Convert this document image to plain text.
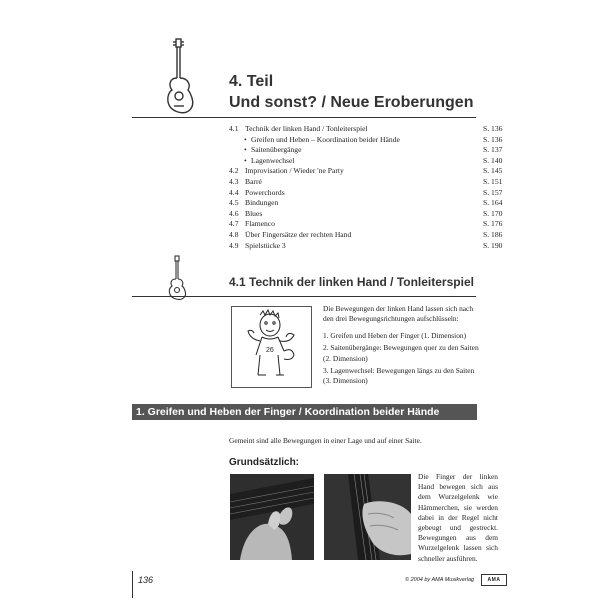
4. Teil
Und sonst? / Neue Eroberungen
4.1 Technik der linken Hand / Tonleiterspiel	S. 136
• Greifen und Heben – Koordination beider Hände	S. 136
• Saitenübergänge	S. 137
• Lagenwechsel	S. 140
4.2 Improvisation / Wieder 'ne Party	S. 145
4.3 Barré	S. 151
4.4 Powerchords	S. 157
4.5 Bindungen	S. 164
4.6 Blues	S. 170
4.7 Flamenco	S. 176
4.8 Über Fingersätze der rechten Hand	S. 186
4.9 Spielstücke 3	S. 190
4.1 Technik der linken Hand / Tonleiterspiel
26

Die Bewegungen der linken Hand lassen sich nach den drei Bewegungsrichtungen aufschlüsseln:

1. Greifen und Heben der Finger (1. Dimension)
2. Saitenübergänge: Bewegungen quer zu den Saiten (2. Dimension)
3. Lagenwechsel: Bewegungen längs zu den Saiten (3. Dimension)
1. Greifen und Heben der Finger / Koordination beider Hände
Gemeint sind alle Bewegungen in einer Lage und auf einer Saite.
Grundsätzlich:
Die Finger der linken Hand bewegen sich aus dem Wurzelgelenk wie Hämmerchen, sie werden dabei in der Regel nicht gebeugt und gestreckt. Bewegungen aus dem Wurzelgelenk lassen sich schneller ausführen.
136	© 2004 by AMA Musikverlag	AMA
